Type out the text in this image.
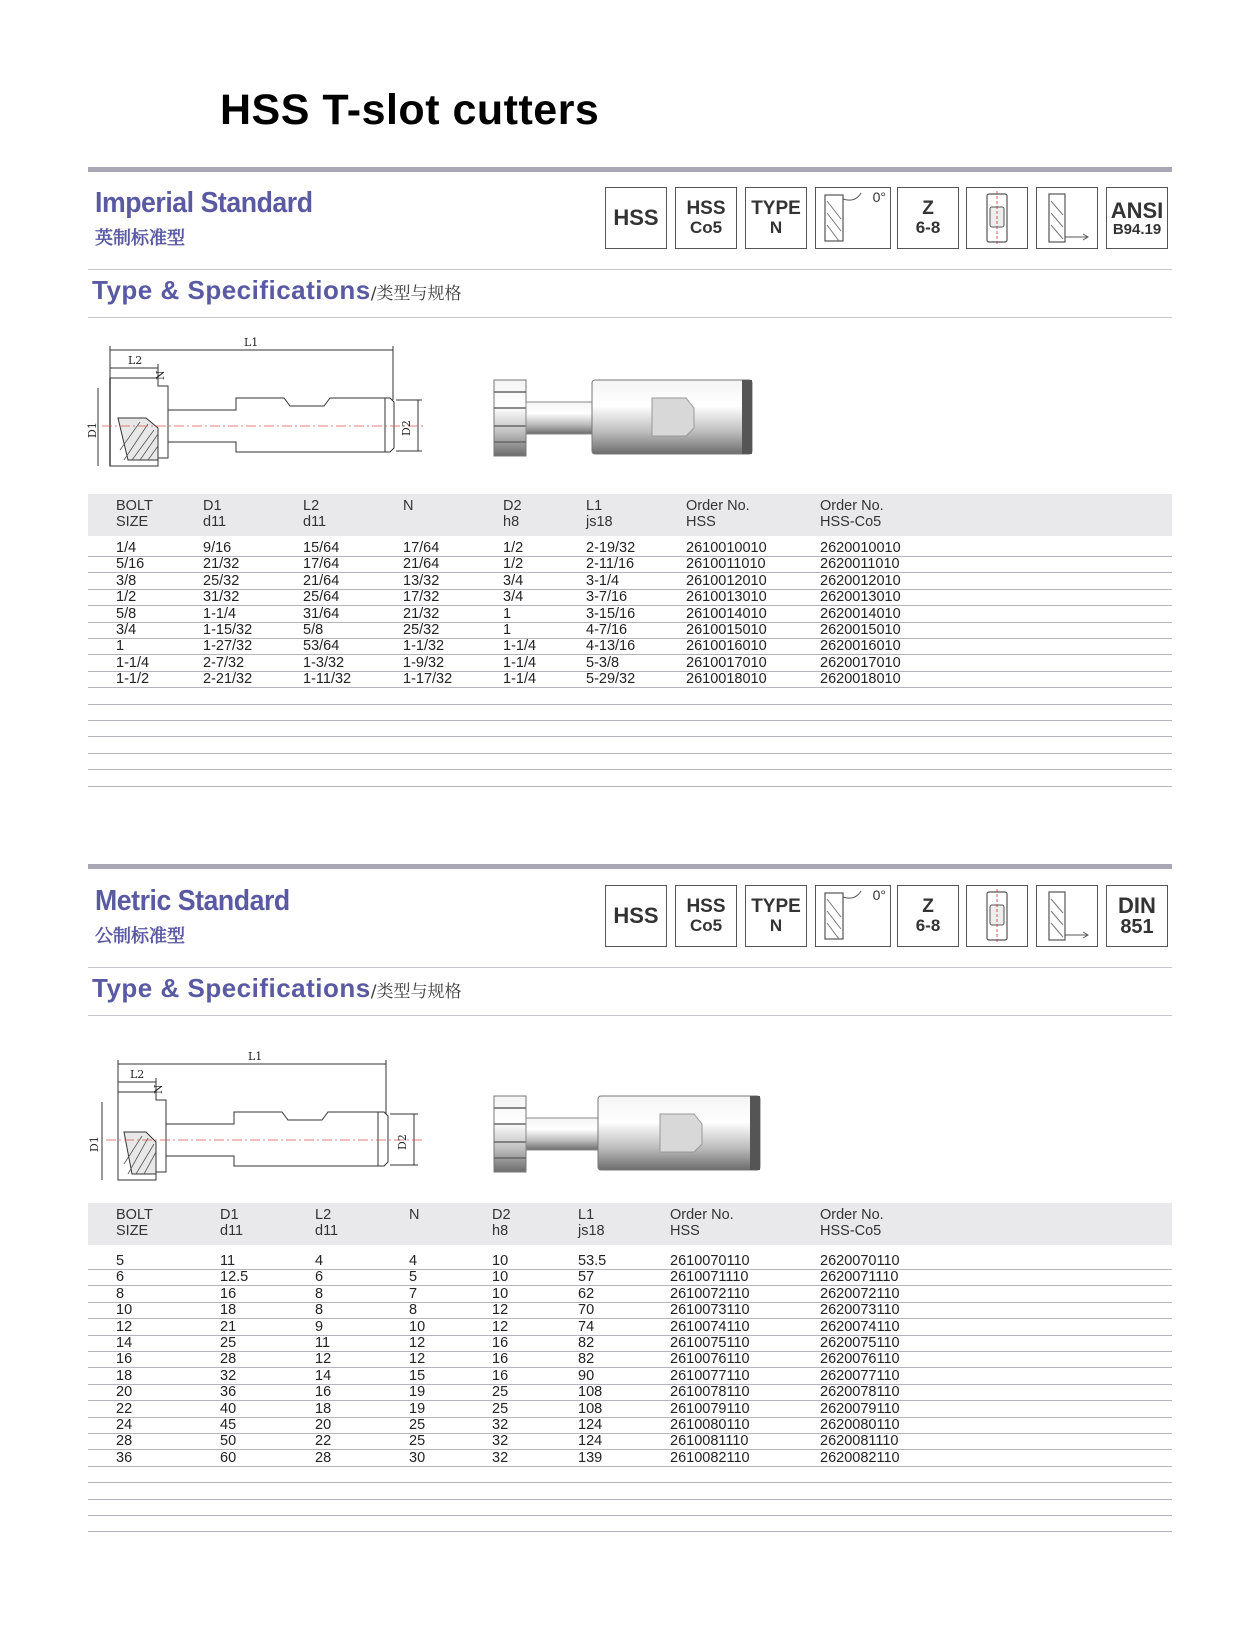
HSS T-slot cutters
Imperial Standard
英制标准型
HSS HSS
Co5
TYPE
N
0°
Z
6-8
ANSI
B94.19
Type & Specifications/类型与规格
L1
L2
N
D1	D2
BOLT
SIZE
D1
d11
L2
d11
N	D2
h8
L1
js18
Order No.
HSS
Order No.
HSS-Co5
1/4	9/16	15/64	17/64	1/2	2-19/32	2610010010	2620010010
5/16	21/32	17/64	21/64	1/2	2-11/16	2610011010	2620011010
3/8	25/32	21/64	13/32	3/4	3-1/4	2610012010	2620012010
1/2	31/32	25/64	17/32	3/4	3-7/16	2610013010	2620013010
5/8	1-1/4	31/64	21/32	1	3-15/16	2610014010	2620014010
3/4	1-15/32	5/8	25/32	1	4-7/16	2610015010	2620015010
1	1-27/32	53/64	1-1/32	1-1/4	4-13/16	2610016010	2620016010
1-1/4	2-7/32	1-3/32	1-9/32	1-1/4	5-3/8	2610017010	2620017010
1-1/2	2-21/32	1-11/32	1-17/32	1-1/4	5-29/32	2610018010	2620018010
Metric Standard
公制标准型
HSS HSS
Co5
TYPE
N
0°
Z
6-8
DIN
851
Type & Specifications/类型与规格
L1
L2
N
D1	D2
BOLT
SIZE
D1
d11
L2
d11
N	D2
h8
L1
js18
Order No.
HSS
Order No.
HSS-Co5
5	11	4	4	10	53.5	2610070110	2620070110
6	12.5	6	5	10	57	2610071110	2620071110
8	16	8	7	10	62	2610072110	2620072110
10	18	8	8	12	70	2610073110	2620073110
12	21	9	10	12	74	2610074110	2620074110
14	25	11	12	16	82	2610075110	2620075110
16	28	12	12	16	82	2610076110	2620076110
18	32	14	15	16	90	2610077110	2620077110
20	36	16	19	25	108	2610078110	2620078110
22	40	18	19	25	108	2610079110	2620079110
24	45	20	25	32	124	2610080110	2620080110
28	50	22	25	32	124	2610081110	2620081110
36	60	28	30	32	139	2610082110	2620082110
